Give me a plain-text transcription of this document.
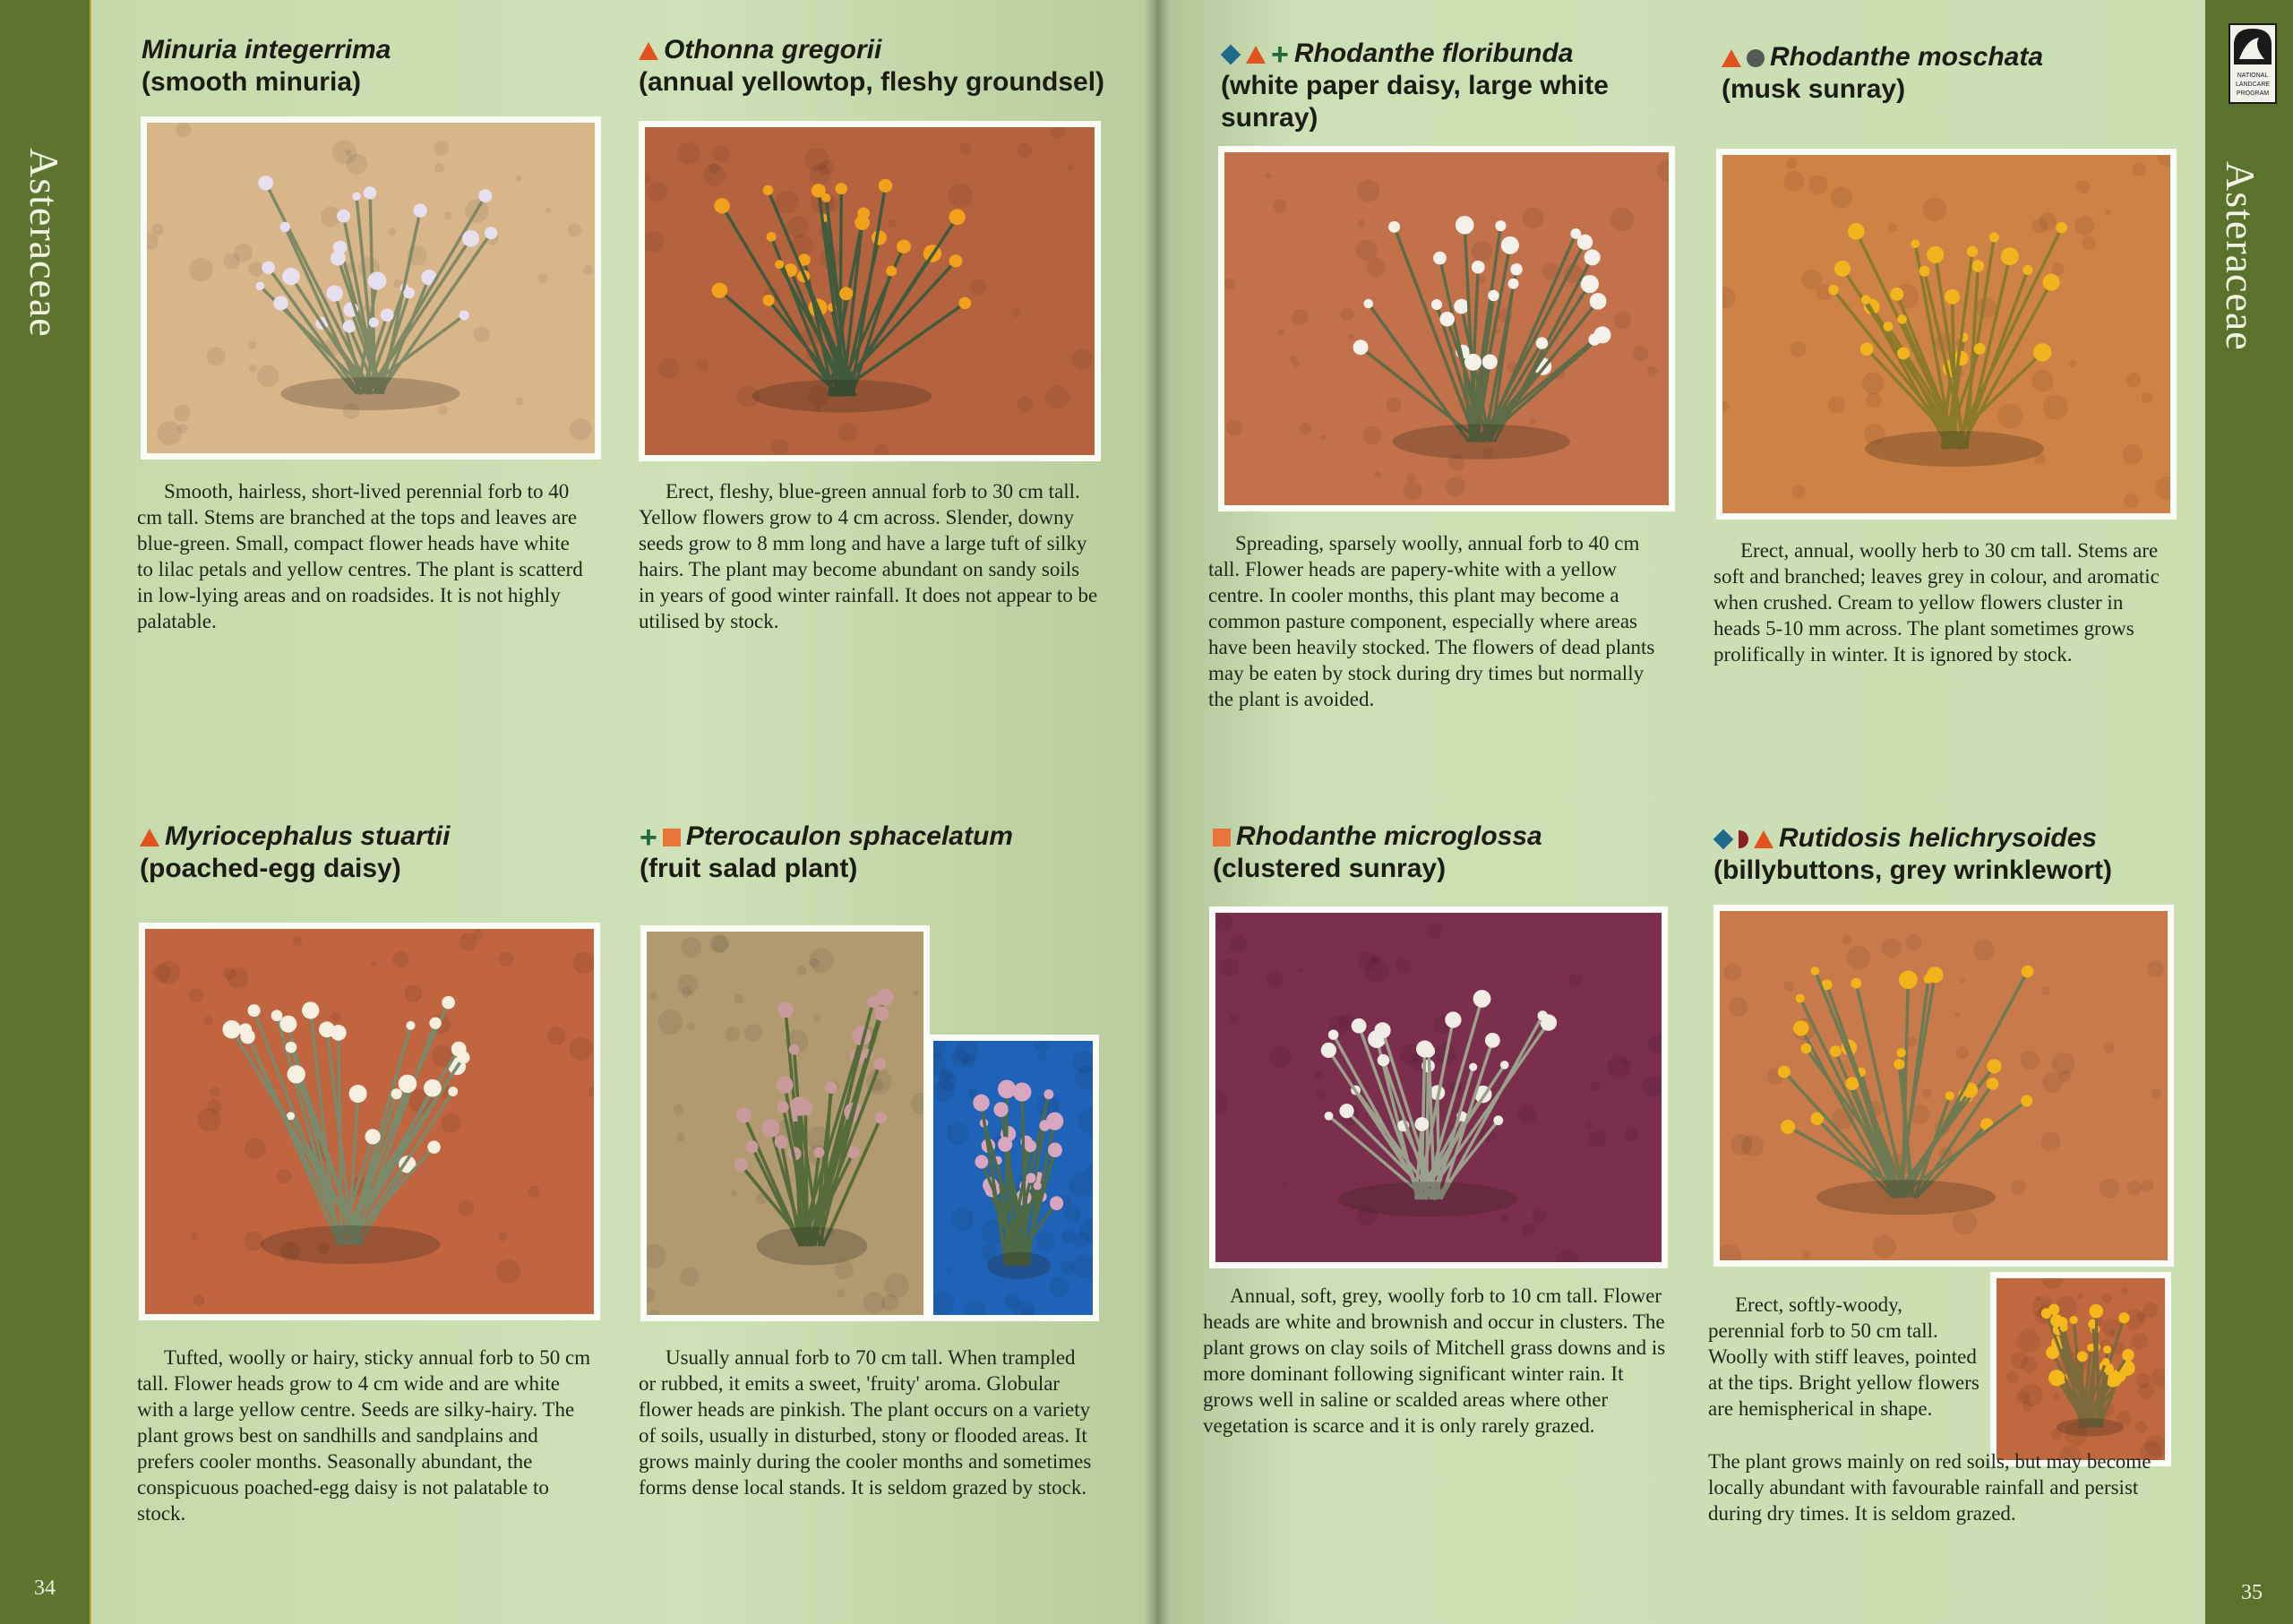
Asteraceae
34
Asteraceae
35
NATIONAL
LANDCARE
PROGRAM
Minuria integerrima
(smooth minuria)
Smooth, hairless, short-lived perennial forb to 40 cm tall. Stems are branched at the tops and leaves are blue-green. Small, compact flower heads have white to lilac petals and yellow centres. The plant is scatterd in low-lying areas and on roadsides. It is not highly palatable.
Othonna gregorii
(annual yellowtop, fleshy groundsel)
Erect, fleshy, blue-green annual forb to 30 cm tall. Yellow flowers grow to 4 cm across. Slender, downy seeds grow to 8 mm long and have a large tuft of silky hairs. The plant may become abundant on sandy soils in years of good winter rainfall. It does not appear to be utilised by stock.
+ Rhodanthe floribunda
(white paper daisy, large white sunray)
Spreading, sparsely woolly, annual forb to 40 cm tall. Flower heads are papery-white with a yellow centre. In cooler months, this plant may become a common pasture component, especially where areas have been heavily stocked. The flowers of dead plants may be eaten by stock during dry times but normally the plant is avoided.
Rhodanthe moschata
(musk sunray)
Erect, annual, woolly herb to 30 cm tall. Stems are soft and branched; leaves grey in colour, and aromatic when crushed. Cream to yellow flowers cluster in heads 5-10 mm across. The plant sometimes grows prolifically in winter. It is ignored by stock.
Myriocephalus stuartii
(poached-egg daisy)
Tufted, woolly or hairy, sticky annual forb to 50 cm tall. Flower heads grow to 4 cm wide and are white with a large yellow centre. Seeds are silky-hairy. The plant grows best on sandhills and sandplains and prefers cooler months. Seasonally abundant, the conspicuous poached-egg daisy is not palatable to stock.
+ Pterocaulon sphacelatum
(fruit salad plant)
Usually annual forb to 70 cm tall. When trampled or rubbed, it emits a sweet, 'fruity' aroma. Globular flower heads are pinkish. The plant occurs on a variety of soils, usually in disturbed, stony or flooded areas. It grows mainly during the cooler months and sometimes forms dense local stands. It is seldom grazed by stock.
Rhodanthe microglossa
(clustered sunray)
Annual, soft, grey, woolly forb to 10 cm tall. Flower heads are white and brownish and occur in clusters. The plant grows on clay soils of Mitchell grass downs and is more dominant following significant winter rain. It grows well in saline or scalded areas where other vegetation is scarce and it is only rarely grazed.
Rutidosis helichrysoides
(billybuttons, grey wrinklewort)
Erect, softly-woody, perennial forb to 50 cm tall. Woolly with stiff leaves, pointed at the tips. Bright yellow flowers are hemispherical in shape.
The plant grows mainly on red soils, but may become locally abundant with favourable rainfall and persist during dry times. It is seldom grazed.
